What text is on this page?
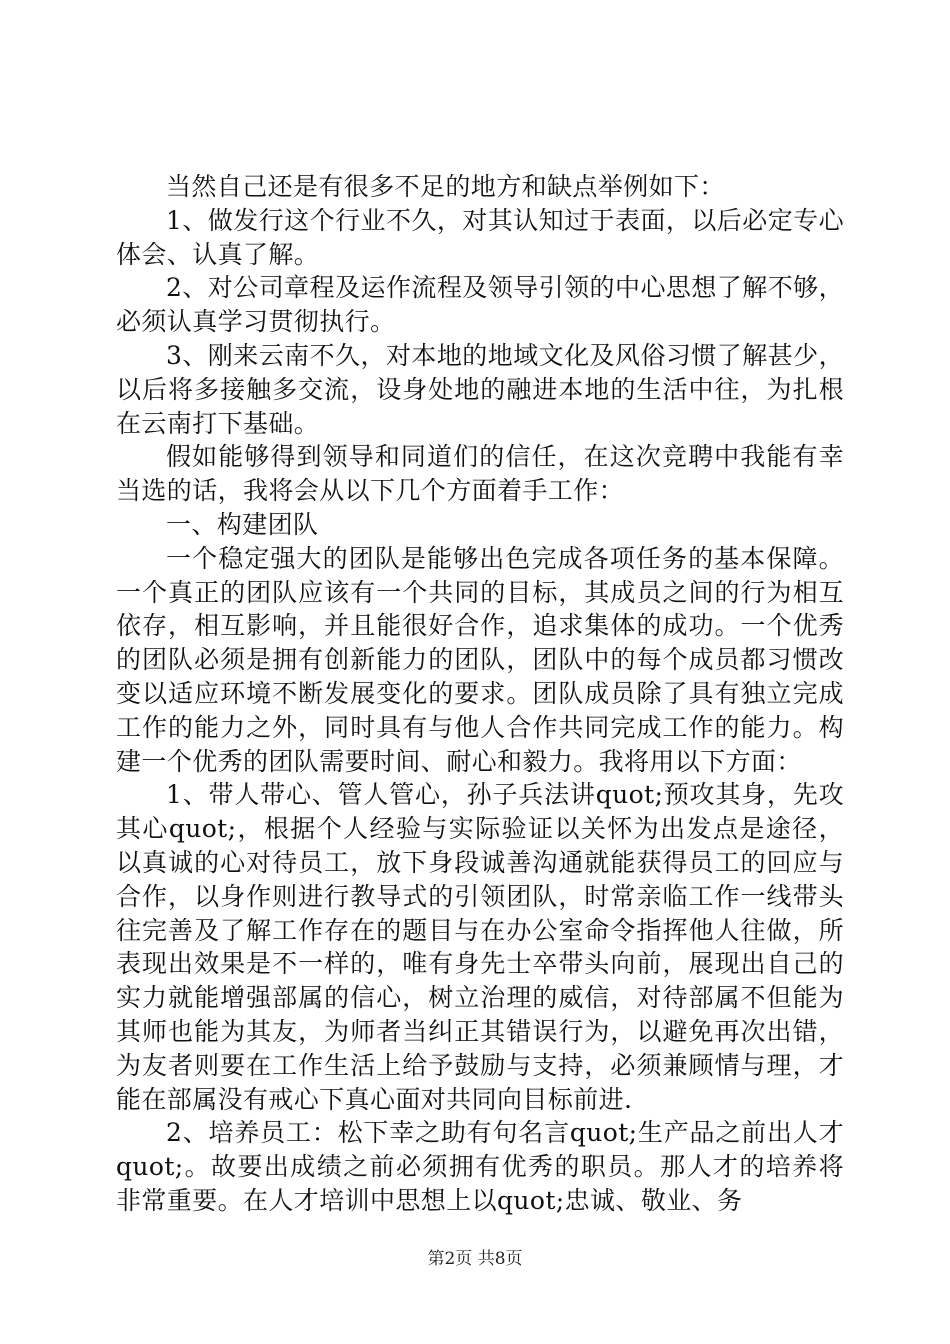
当然自己还是有很多不足的地方和缺点举例如下：

1、做发行这个行业不久，对其认知过于表面，以后必定专心体会、认真了解。

2、对公司章程及运作流程及领导引领的中心思想了解不够，必须认真学习贯彻执行。

3、刚来云南不久，对本地的地域文化及风俗习惯了解甚少，以后将多接触多交流，设身处地的融进本地的生活中往，为扎根在云南打下基础。

假如能够得到领导和同道们的信任，在这次竞聘中我能有幸当选的话，我将会从以下几个方面着手工作：

一、构建团队

一个稳定强大的团队是能够出色完成各项任务的基本保障。一个真正的团队应该有一个共同的目标，其成员之间的行为相互依存，相互影响，并且能很好合作，追求集体的成功。一个优秀的团队必须是拥有创新能力的团队，团队中的每个成员都习惯改变以适应环境不断发展变化的要求。团队成员除了具有独立完成工作的能力之外，同时具有与他人合作共同完成工作的能力。构建一个优秀的团队需要时间、耐心和毅力。我将用以下方面：

1、带人带心、管人管心，孙子兵法讲quot;预攻其身，先攻其心quot;，根据个人经验与实际验证以关怀为出发点是途径，以真诚的心对待员工，放下身段诚善沟通就能获得员工的回应与合作，以身作则进行教导式的引领团队，时常亲临工作一线带头往完善及了解工作存在的题目与在办公室命令指挥他人往做，所表现出效果是不一样的，唯有身先士卒带头向前，展现出自己的实力就能增强部属的信心，树立治理的威信，对待部属不但能为其师也能为其友，为师者当纠正其错误行为，以避免再次出错，为友者则要在工作生活上给予鼓励与支持，必须兼顾情与理，才能在部属没有戒心下真心面对共同向目标前进.

2、培养员工：松下幸之助有句名言quot;生产品之前出人才quot;。故要出成绩之前必须拥有优秀的职员。那人才的培养将非常重要。在人才培训中思想上以quot;忠诚、敬业、务

第2页 共8页
